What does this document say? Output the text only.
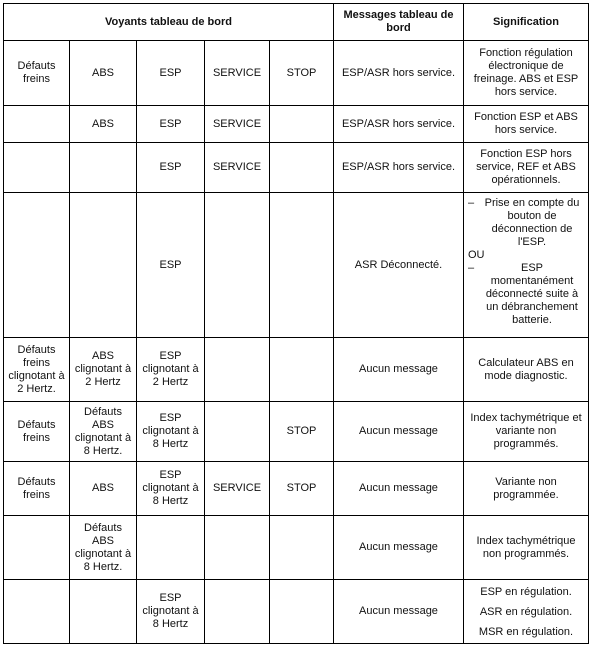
Voyants tableau de bord					Messages tableau de bord	Signification
Défauts freins	ABS	ESP	SERVICE	STOP	ESP/ASR hors service.	Fonction régulation électronique de freinage. ABS et ESP hors service.
	ABS	ESP	SERVICE		ESP/ASR hors service.	Fonction ESP et ABS hors service.
		ESP	SERVICE		ESP/ASR hors service.	Fonction ESP hors service, REF et ABS opérationnels.
		ESP			ASR Déconnecté.	– Prise en compte du bouton de déconnection de l'ESP.
OU
– ESP momentanément déconnecté suite à un débranchement batterie.

Défauts freins clignotant à 2 Hertz.	ABS clignotant à 2 Hertz	ESP clignotant à 2 Hertz			Aucun message	Calculateur ABS en mode diagnostic.
Défauts freins	Défauts ABS clignotant à 8 Hertz.	ESP clignotant à 8 Hertz		STOP	Aucun message	Index tachymétrique et variante non programmés.
Défauts freins	ABS	ESP clignotant à 8 Hertz	SERVICE	STOP	Aucun message	Variante non programmée.
	Défauts ABS clignotant à 8 Hertz.				Aucun message	Index tachymétrique non programmés.
		ESP clignotant à 8 Hertz			Aucun message	ESP en régulation.
ASR en régulation.
MSR en régulation.
